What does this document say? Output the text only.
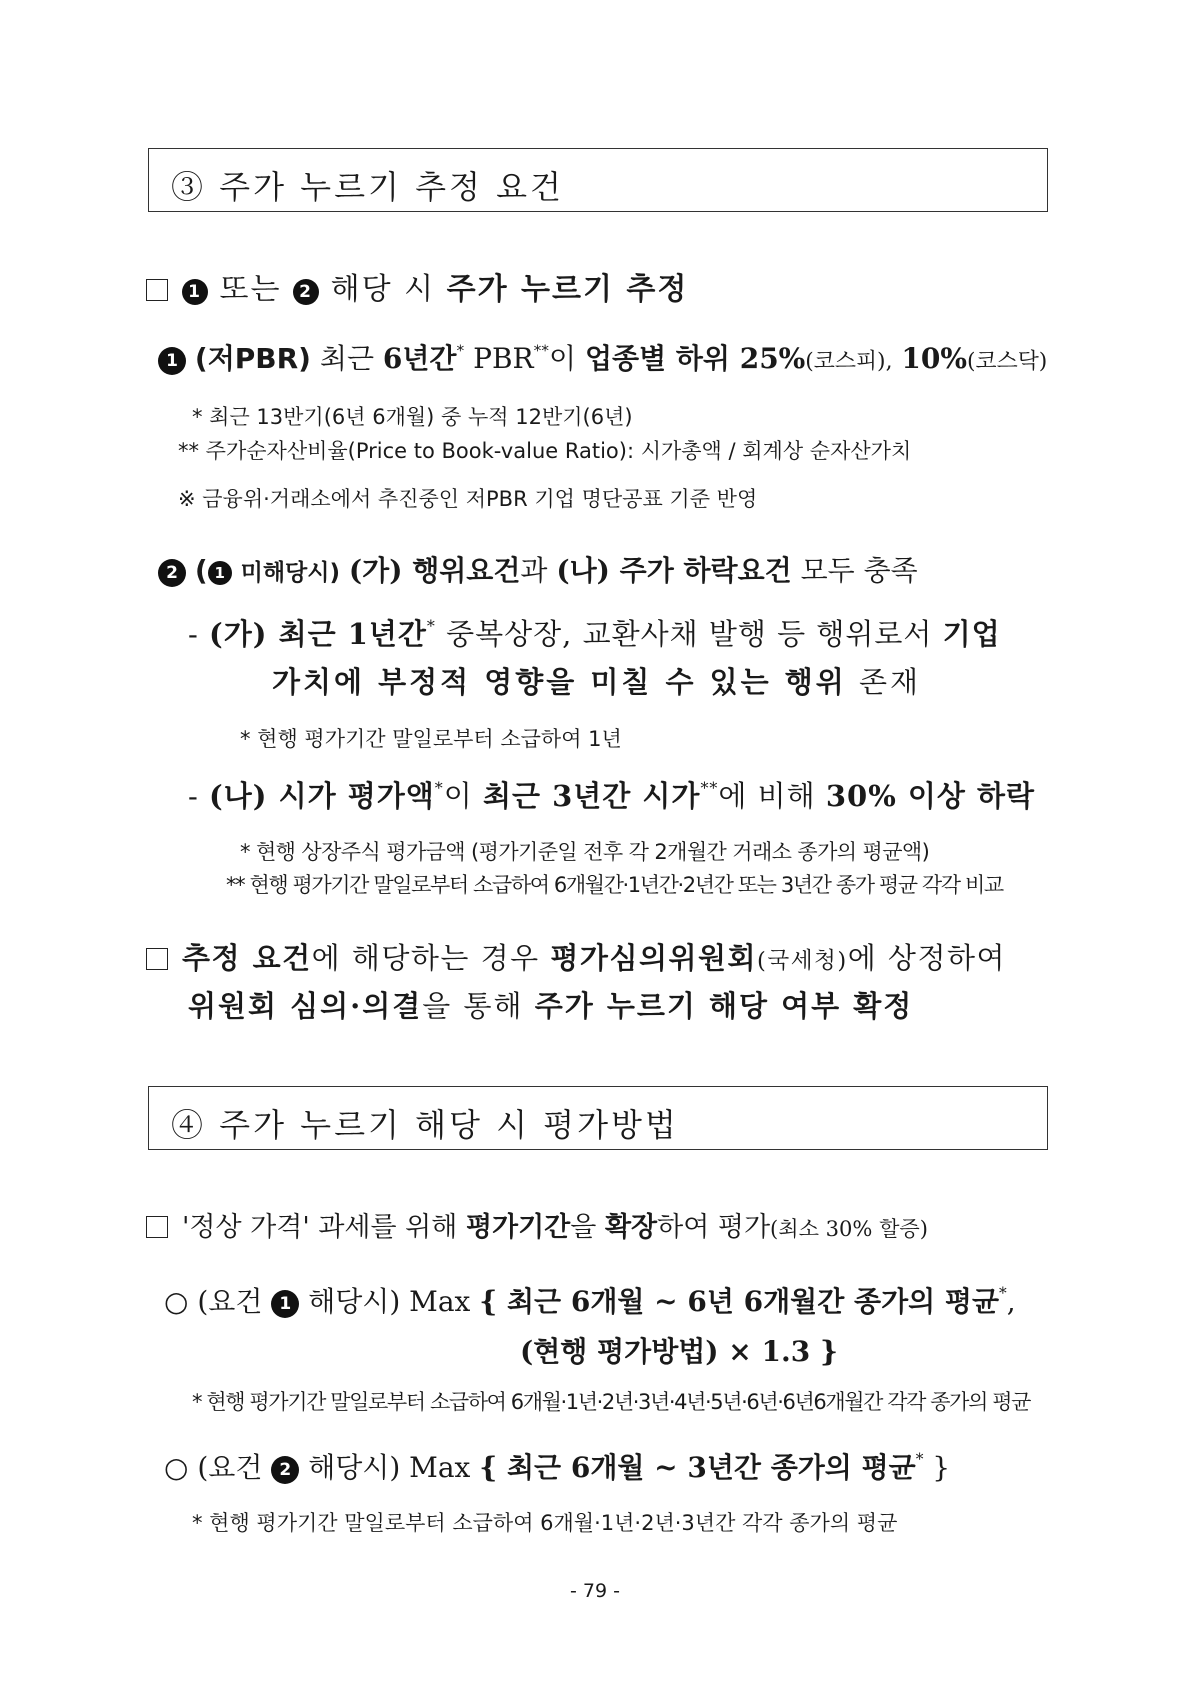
③ 주가 누르기 추정 요건
1 또는 2 해당 시 주가 누르기 추정
1 (저PBR) 최근 6년간* PBR**이 업종별 하위 25%(코스피), 10%(코스닥)
* 최근 13반기(6년 6개월) 중 누적 12반기(6년)
** 주가순자산비율(Price to Book-value Ratio): 시가총액 / 회계상 순자산가치
※ 금융위·거래소에서 추진중인 저PBR 기업 명단공표 기준 반영
2 ( 1 미해당시) (가) 행위요건과 (나) 주가 하락요건 모두 충족
- (가) 최근 1년간* 중복상장, 교환사채 발행 등 행위로서 기업
가치에 부정적 영향을 미칠 수 있는 행위 존재
* 현행 평가기간 말일로부터 소급하여 1년
- (나) 시가 평가액*이 최근 3년간 시가**에 비해 30% 이상 하락
* 현행 상장주식 평가금액 (평가기준일 전후 각 2개월간 거래소 종가의 평균액)
** 현행 평가기간 말일로부터 소급하여 6개월간·1년간·2년간 또는 3년간 종가 평균 각각 비교
추정 요건에 해당하는 경우 평가심의위원회(국세청)에 상정하여
위원회 심의·의결을 통해 주가 누르기 해당 여부 확정
④ 주가 누르기 해당 시 평가방법
'정상 가격' 과세를 위해 평가기간을 확장하여 평가(최소 30% 할증)
○ (요건 1 해당시) Max { 최근 6개월 ~ 6년 6개월간 종가의 평균*,
(현행 평가방법) × 1.3 }
* 현행 평가기간 말일로부터 소급하여 6개월·1년·2년·3년·4년·5년·6년·6년6개월간 각각 종가의 평균
○ (요건 2 해당시) Max { 최근 6개월 ~ 3년간 종가의 평균* }
* 현행 평가기간 말일로부터 소급하여 6개월·1년·2년·3년간 각각 종가의 평균
- 79 -
